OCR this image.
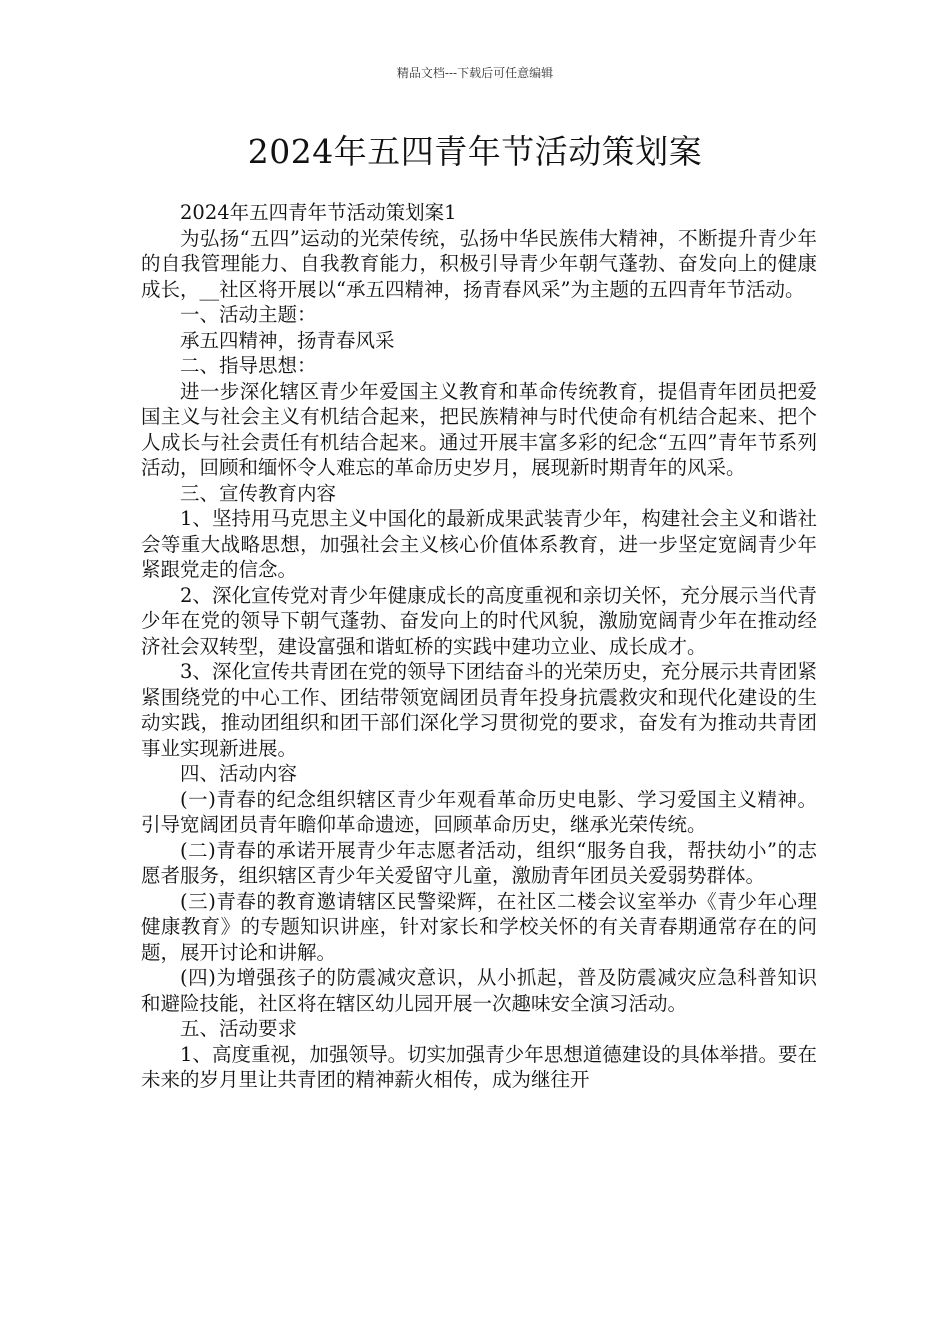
精品文档---下载后可任意编辑
2024年五四青年节活动策划案

2024年五四青年节活动策划案1

为弘扬“五四”运动的光荣传统，弘扬中华民族伟大精神，不断提升青少年的自我管理能力、自我教育能力，积极引导青少年朝气蓬勃、奋发向上的健康成长，__社区将开展以“承五四精神，扬青春风采”为主题的五四青年节活动。

一、活动主题：

承五四精神，扬青春风采

二、指导思想：

进一步深化辖区青少年爱国主义教育和革命传统教育，提倡青年团员把爱国主义与社会主义有机结合起来，把民族精神与时代使命有机结合起来、把个人成长与社会责任有机结合起来。通过开展丰富多彩的纪念“五四”青年节系列活动，回顾和缅怀令人难忘的革命历史岁月，展现新时期青年的风采。

三、宣传教育内容

1、坚持用马克思主义中国化的最新成果武装青少年，构建社会主义和谐社会等重大战略思想，加强社会主义核心价值体系教育，进一步坚定宽阔青少年紧跟党走的信念。

2、深化宣传党对青少年健康成长的高度重视和亲切关怀，充分展示当代青少年在党的领导下朝气蓬勃、奋发向上的时代风貌，激励宽阔青少年在推动经济社会双转型，建设富强和谐虹桥的实践中建功立业、成长成才。

3、深化宣传共青团在党的领导下团结奋斗的光荣历史，充分展示共青团紧紧围绕党的中心工作、团结带领宽阔团员青年投身抗震救灾和现代化建设的生动实践，推动团组织和团干部们深化学习贯彻党的要求，奋发有为推动共青团事业实现新进展。

四、活动内容

(一)青春的纪念组织辖区青少年观看革命历史电影、学习爱国主义精神。引导宽阔团员青年瞻仰革命遗迹，回顾革命历史，继承光荣传统。

(二)青春的承诺开展青少年志愿者活动，组织“服务自我，帮扶幼小”的志愿者服务，组织辖区青少年关爱留守儿童，激励青年团员关爱弱势群体。

(三)青春的教育邀请辖区民警梁辉，在社区二楼会议室举办《青少年心理健康教育》的专题知识讲座，针对家长和学校关怀的有关青春期通常存在的问题，展开讨论和讲解。

(四)为增强孩子的防震减灾意识，从小抓起，普及防震减灾应急科普知识和避险技能，社区将在辖区幼儿园开展一次趣味安全演习活动。

五、活动要求

1、高度重视，加强领导。切实加强青少年思想道德建设的具体举措。要在未来的岁月里让共青团的精神薪火相传，成为继往开
